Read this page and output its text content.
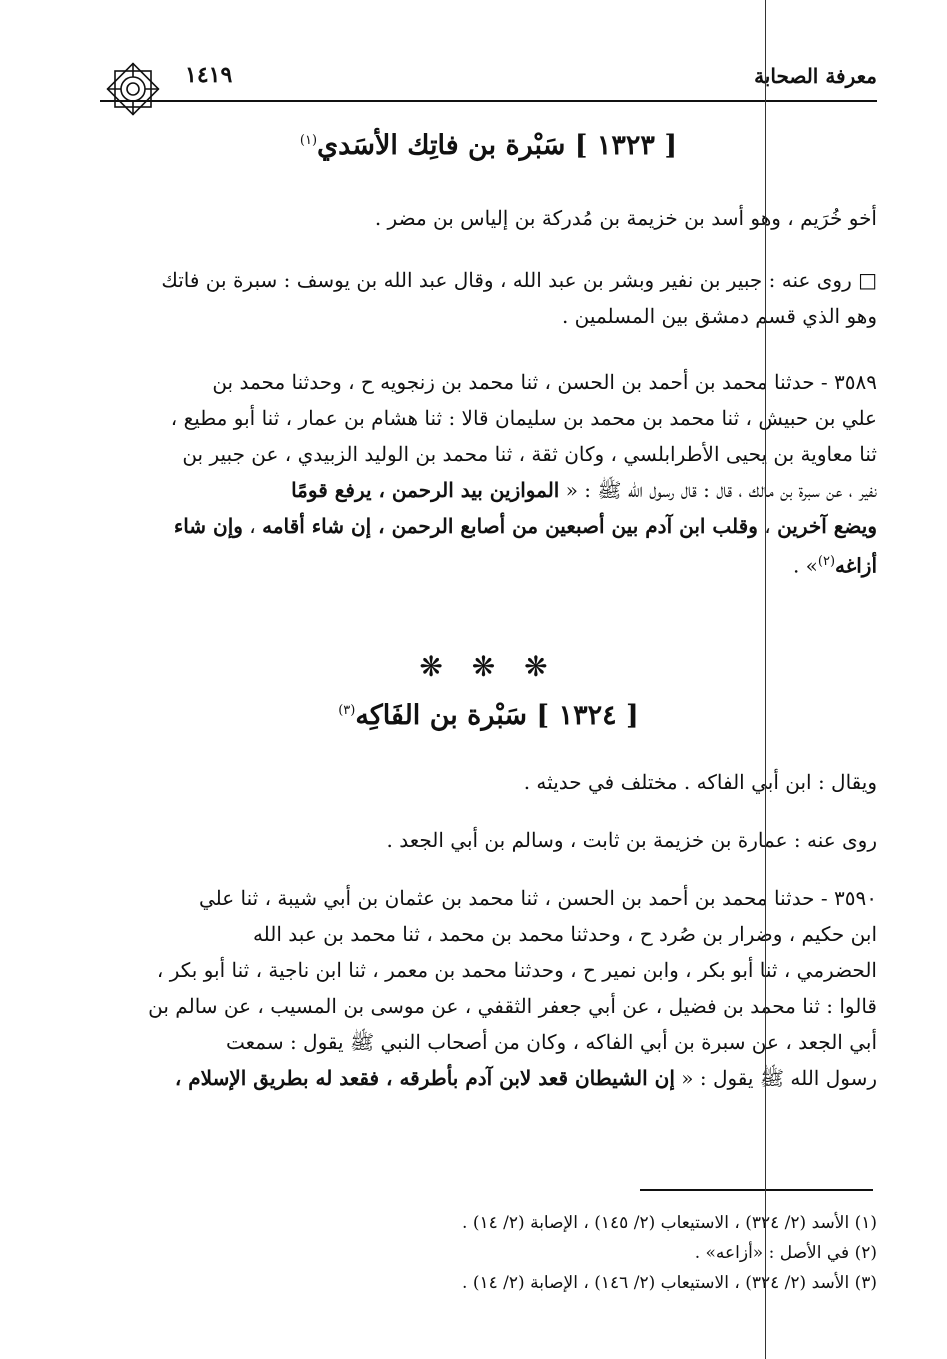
معرفة الصحابة
١٤١٩
[ ١٣٢٣ ] سَبْرة بن فاتِك الأسَدي$^{(١)}$
أخو خُرَيم ، وهو أسد بن خزيمة بن مُدركة بن إلياس بن مضر .
□ روى عنه : جبير بن نفير وبشر بن عبد الله ، وقال عبد الله بن يوسف : سبرة بن فاتك
وهو الذي قسم دمشق بين المسلمين .
٣٥٨٩ - حدثنا محمد بن أحمد بن الحسن ، ثنا محمد بن زنجويه ح ، وحدثنا محمد بن
علي بن حبيش ، ثنا محمد بن محمد بن سليمان قالا : ثنا هشام بن عمار ، ثنا أبو مطيع ،
ثنا معاوية بن يحيى الأطرابلسي ، وكان ثقة ، ثنا محمد بن الوليد الزبيدي ، عن جبير بن
نفير ، عن سبرة بن مالك ، قال : قال رسول الله ﷺ : « الموازين بيد الرحمن ، يرفع قومًا
ويضع آخرين ، وقلب ابن آدم بين أصبعين من أصابع الرحمن ، إن شاء أقامه ، وإن شاء
أزاغه$^{(٢)}$» .
❋ ❋ ❋
[ ١٣٢٤ ] سَبْرة بن الفَاكِه$^{(٣)}$
ويقال : ابن أبي الفاكه . مختلف في حديثه .
روى عنه : عمارة بن خزيمة بن ثابت ، وسالم بن أبي الجعد .
٣٥٩٠ - حدثنا محمد بن أحمد بن الحسن ، ثنا محمد بن عثمان بن أبي شيبة ، ثنا علي
ابن حكيم ، وضرار بن صُرد ح ، وحدثنا محمد بن محمد ، ثنا محمد بن عبد الله
الحضرمي ، ثنا أبو بكر ، وابن نمير ح ، وحدثنا محمد بن معمر ، ثنا ابن ناجية ، ثنا أبو بكر ،
قالوا : ثنا محمد بن فضيل ، عن أبي جعفر الثقفي ، عن موسى بن المسيب ، عن سالم بن
أبي الجعد ، عن سبرة بن أبي الفاكه ، وكان من أصحاب النبي ﷺ يقول : سمعت
رسول الله ﷺ يقول : « إن الشيطان قعد لابن آدم بأطرقه ، فقعد له بطريق الإسلام ،
(١) الأسد (٢/ ٣٢٤) ، الاستيعاب (٢/ ١٤٥) ، الإصابة (٢/ ١٤) .
(٢) في الأصل : «أزاعه» .
(٣) الأسد (٢/ ٣٢٤) ، الاستيعاب (٢/ ١٤٦) ، الإصابة (٢/ ١٤) .
